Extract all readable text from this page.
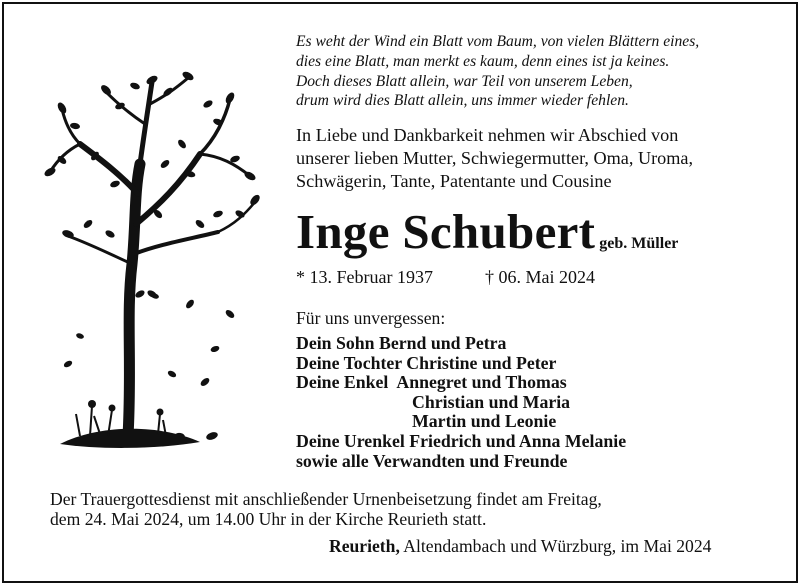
Es weht der Wind ein Blatt vom Baum, von vielen Blättern eines,
dies eine Blatt, man merkt es kaum, denn eines ist ja keines.
Doch dieses Blatt allein, war Teil von unserem Leben,
drum wird dies Blatt allein, uns immer wieder fehlen.
In Liebe und Dankbarkeit nehmen wir Abschied von
unserer lieben Mutter, Schwiegermutter, Oma, Uroma,
Schwägerin, Tante, Patentante und Cousine
Inge Schubert geb. Müller
* 13. Februar 1937	† 06. Mai 2024
Für uns unvergessen:
Dein Sohn Bernd und Petra
Deine Tochter Christine und Peter
Deine Enkel Annegret und Thomas
Christian und Maria
Martin und Leonie
Deine Urenkel Friedrich und Anna Melanie
sowie alle Verwandten und Freunde
Der Trauergottesdienst mit anschließender Urnenbeisetzung findet am Freitag,
dem 24. Mai 2024, um 14.00 Uhr in der Kirche Reurieth statt.
Reurieth, Altendambach und Würzburg, im Mai 2024
